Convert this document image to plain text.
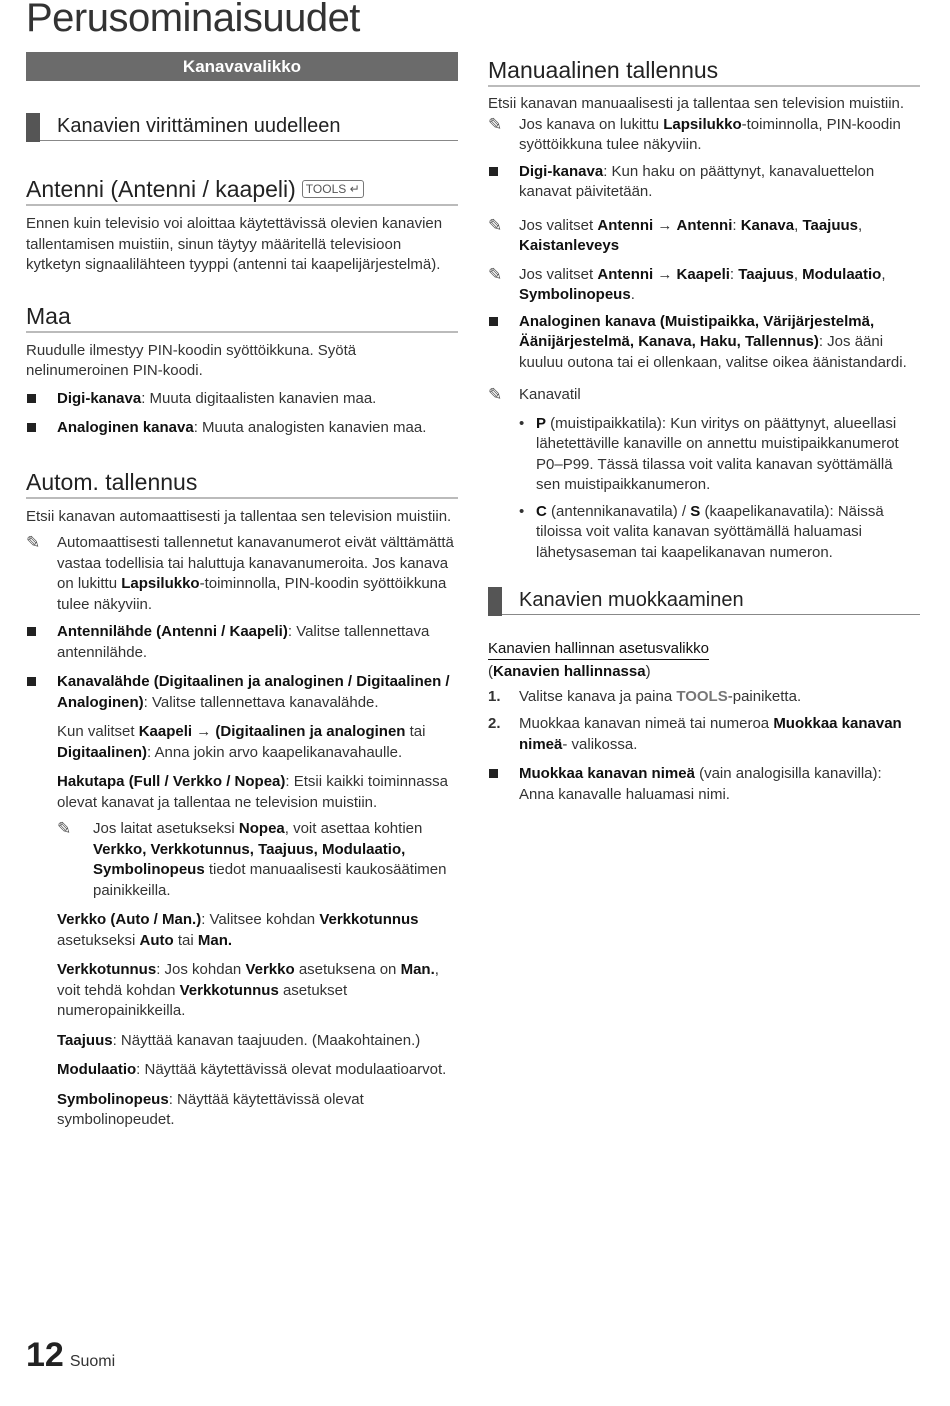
Perusominaisuudet
Kanavavalikko
Kanavien virittäminen uudelleen
Antenni (Antenni / kaapeli) TOOLS ↵

Ennen kuin televisio voi aloittaa käytettävissä olevien kanavien tallentamisen muistiin, sinun täytyy määritellä televisioon kytketyn signaalilähteen tyyppi (antenni tai kaapelijärjestelmä).

Maa

Ruudulle ilmestyy PIN-koodin syöttöikkuna. Syötä nelinumeroinen PIN-koodi.

Digi-kanava: Muuta digitaalisten kanavien maa.
Analoginen kanava: Muuta analogisten kanavien maa.
Autom. tallennus

Etsii kanavan automaattisesti ja tallentaa sen television muistiin.

✎ Automaattisesti tallennetut kanavanumerot eivät välttämättä vastaa todellisia tai haluttuja kanavanumeroita. Jos kanava on lukittu Lapsilukko-toiminnolla, PIN-koodin syöttöikkuna tulee näkyviin.
Antennilähde (Antenni / Kaapeli): Valitse tallennettava antennilähde.
Kanavalähde (Digitaalinen ja analoginen / Digitaalinen / Analoginen): Valitse tallennettava kanavalähde.
Kun valitset Kaapeli → (Digitaalinen ja analoginen tai Digitaalinen): Anna jokin arvo kaapelikanavahaulle.
Hakutapa (Full / Verkko / Nopea): Etsii kaikki toiminnassa olevat kanavat ja tallentaa ne television muistiin.
✎ Jos laitat asetukseksi Nopea, voit asettaa kohtien Verkko, Verkkotunnus, Taajuus, Modulaatio, Symbolinopeus tiedot manuaalisesti kaukosäätimen painikkeilla.
Verkko (Auto / Man.): Valitsee kohdan Verkkotunnus asetukseksi Auto tai Man.
Verkkotunnus: Jos kohdan Verkko asetuksena on Man., voit tehdä kohdan Verkkotunnus asetukset numeropainikkeilla.
Taajuus: Näyttää kanavan taajuuden. (Maakohtainen.)
Modulaatio: Näyttää käytettävissä olevat modulaatioarvot.
Symbolinopeus: Näyttää käytettävissä olevat symbolinopeudet.
Manuaalinen tallennus

Etsii kanavan manuaalisesti ja tallentaa sen television muistiin.

✎ Jos kanava on lukittu Lapsilukko-toiminnolla, PIN-koodin syöttöikkuna tulee näkyviin.
Digi-kanava: Kun haku on päättynyt, kanavaluettelon kanavat päivitetään.
✎ Jos valitset Antenni → Antenni: Kanava, Taajuus, Kaistanleveys
✎ Jos valitset Antenni → Kaapeli: Taajuus, Modulaatio, Symbolinopeus.
Analoginen kanava (Muistipaikka, Värijärjestelmä, Äänijärjestelmä, Kanava, Haku, Tallennus): Jos ääni kuuluu outona tai ei ollenkaan, valitse oikea äänistandardi.
✎ Kanavatil
• P (muistipaikkatila): Kun viritys on päättynyt, alueellasi lähetettäville kanaville on annettu muistipaikkanumerot P0–P99. Tässä tilassa voit valita kanavan syöttämällä sen muistipaikkanumeron.
• C (antennikanavatila) / S (kaapelikanavatila): Näissä tiloissa voit valita kanavan syöttämällä haluamasi lähetysaseman tai kaapelikanavan numeron.
Kanavien muokkaaminen
Kanavien hallinnan asetusvalikko
(Kanavien hallinnassa)
1. Valitse kanava ja paina TOOLS-painiketta.
2. Muokkaa kanavan nimeä tai numeroa Muokkaa kanavan nimeä- valikossa.
Muokkaa kanavan nimeä (vain analogisilla kanavilla): Anna kanavalle haluamasi nimi.
12 Suomi
